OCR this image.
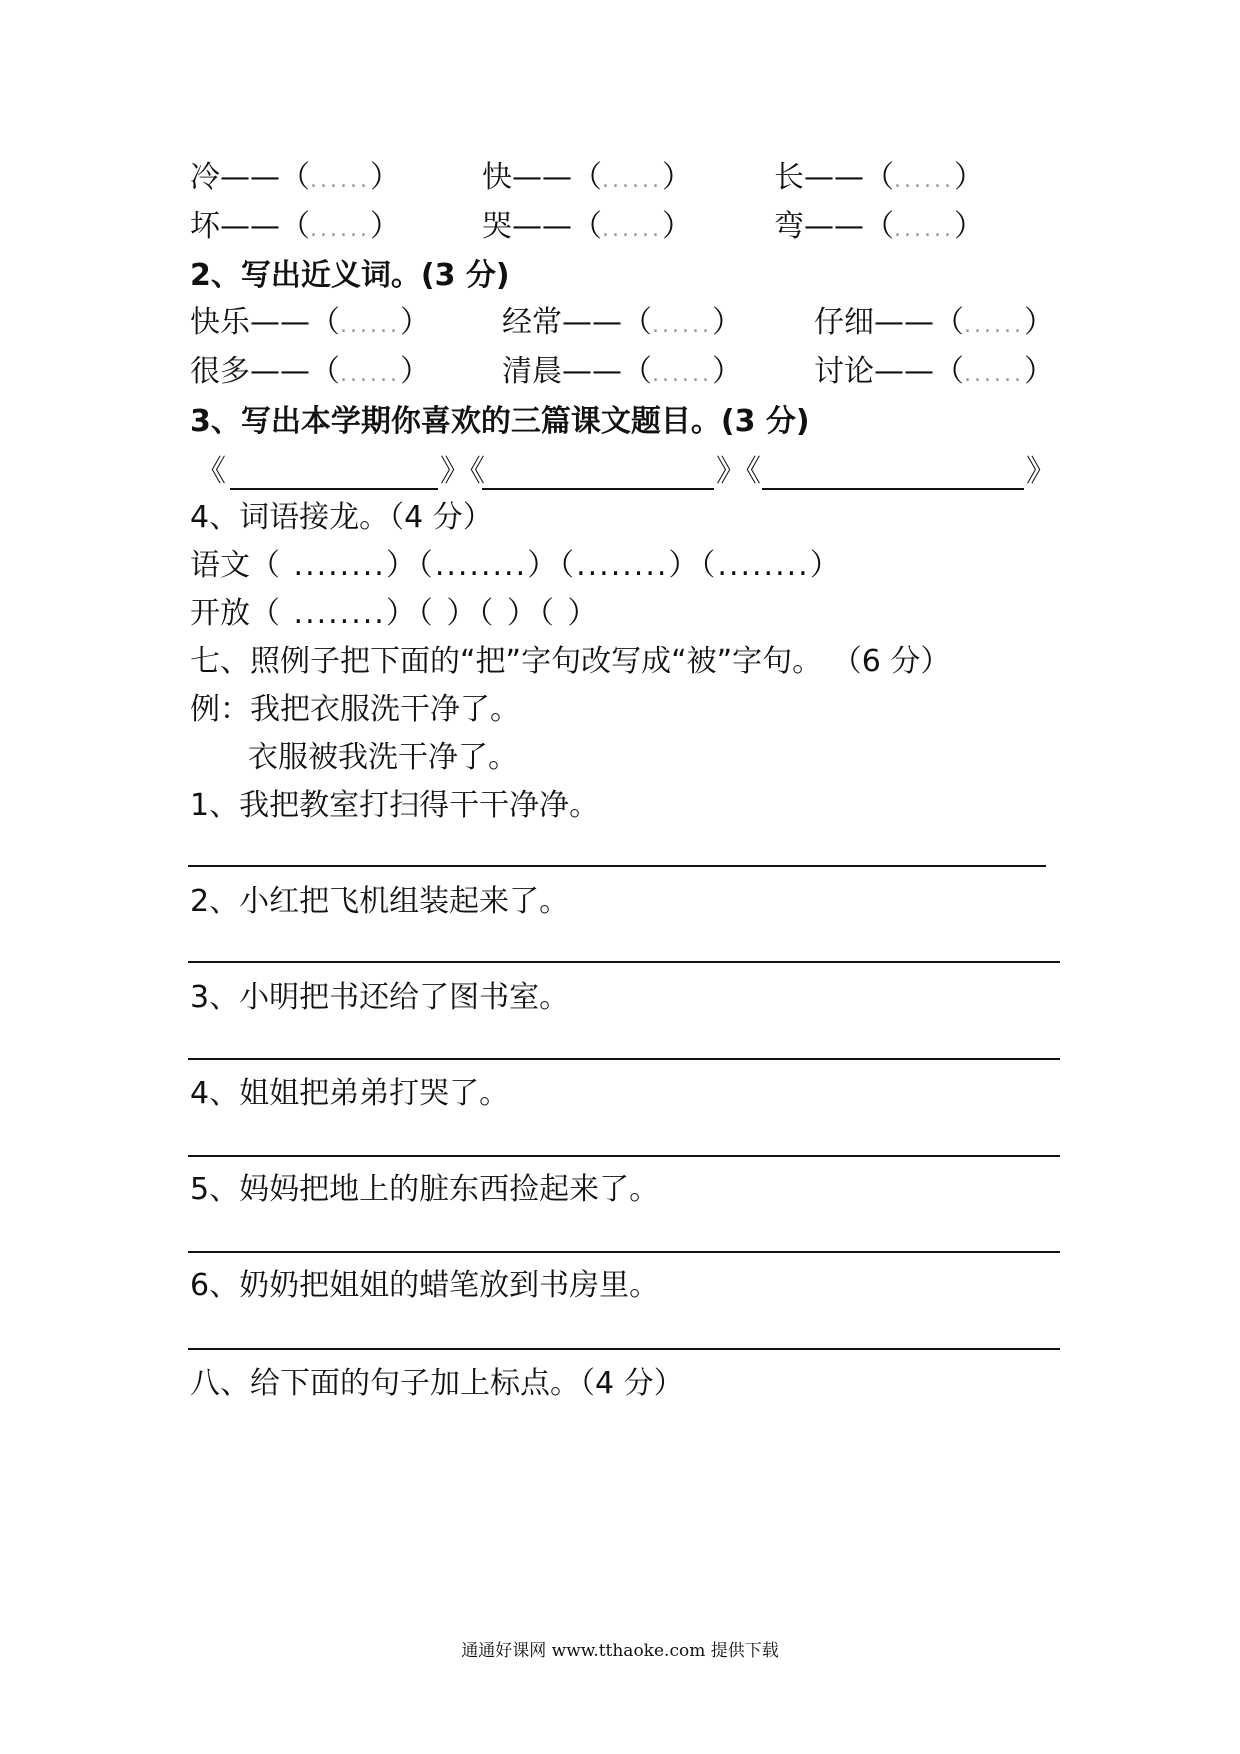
冷——（......）	快——（......）	长——（......）
坏——（......）	哭——（......）	弯——（......）
2、写出近义词。(3 分)
快乐——（......） 经常——（......） 仔细——（......）
很多——（......） 清晨——（......） 讨论——（......）
3、写出本学期你喜欢的三篇课文题目。(3 分)
《	》《	》《	》
4、词语接龙。（4 分）
语文（ ........）（........）（........）（........）
开放（ ........）（ ）（ ）（ ）
七、照例子把下面的“把”字句改写成“被”字句。 （6 分）
例：我把衣服洗干净了。
衣服被我洗干净了。
1、我把教室打扫得干干净净。
2、小红把飞机组装起来了。
3、小明把书还给了图书室。
4、姐姐把弟弟打哭了。
5、妈妈把地上的脏东西捡起来了。
6、奶奶把姐姐的蜡笔放到书房里。
八、给下面的句子加上标点。（4 分）
通通好课网 www.tthaoke.com 提供下载
